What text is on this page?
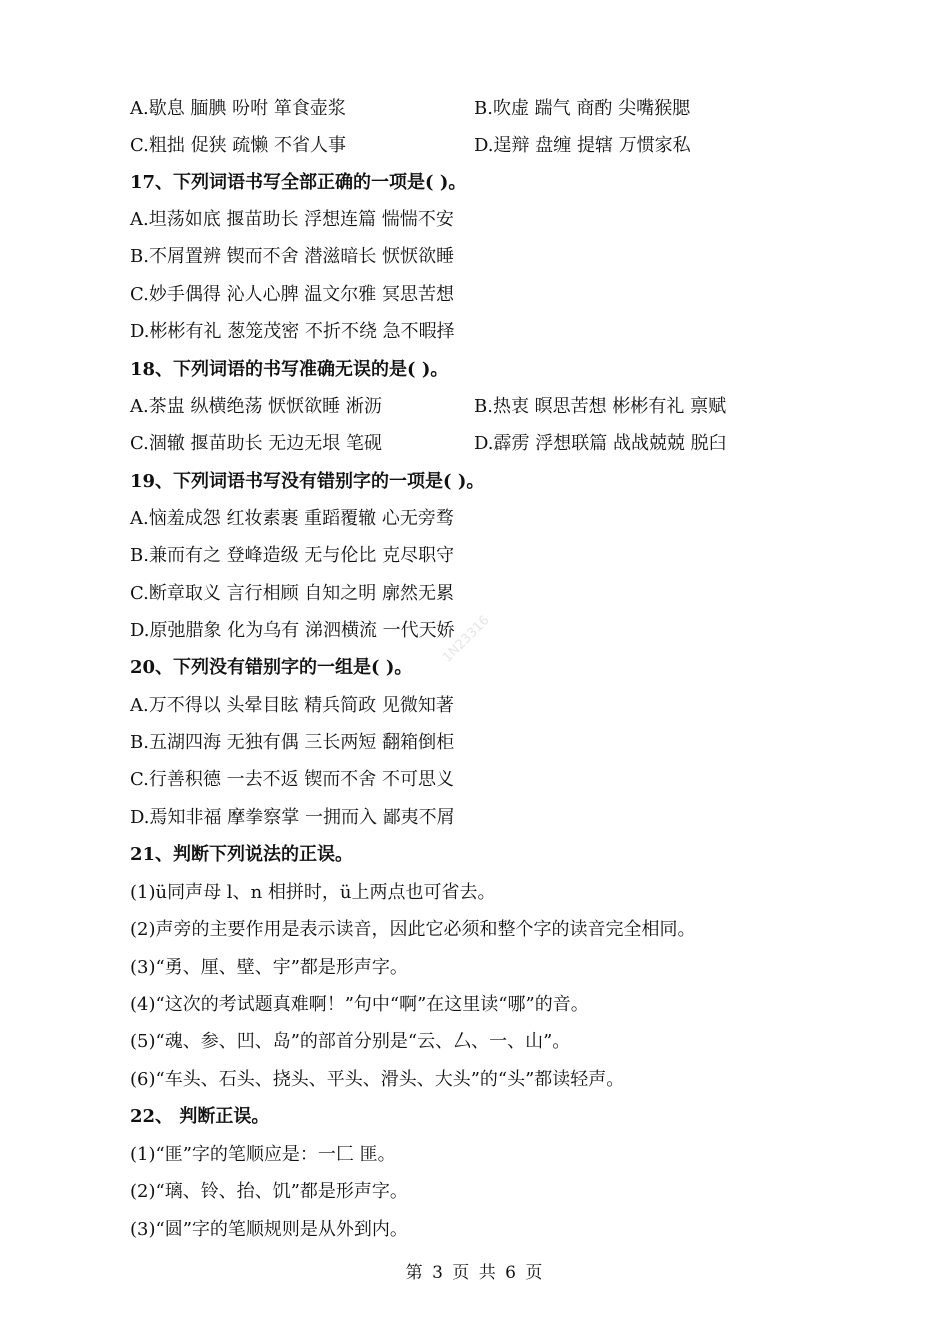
A.歇息 腼腆 吩咐 箪食壶浆	B.吹虚 踹气 商酌 尖嘴猴腮
C.粗拙 促狭 疏懒 不省人事	D.逞辩 盘缠 提辖 万惯家私
17、下列词语书写全部正确的一项是( )。
A.坦荡如底 揠苗助长 浮想连篇 惴惴不安
B.不屑置辨 锲而不舍 潜滋暗长 恹恹欲睡
C.妙手偶得 沁人心脾 温文尔雅 冥思苦想
D.彬彬有礼 葱笼茂密 不折不绕 急不暇择
18、下列词语的书写准确无误的是( )。
A.茶盅 纵横绝荡 恹恹欲睡 淅沥	B.热衷 暝思苦想 彬彬有礼 禀赋
C.涸辙 揠苗助长 无边无垠 笔砚	D.霹雳 浮想联篇 战战兢兢 脱臼
19、下列词语书写没有错别字的一项是( )。
A.恼羞成怨 红妆素裹 重蹈覆辙 心无旁骛
B.兼而有之 登峰造级 无与伦比 克尽职守
C.断章取义 言行相顾 自知之明 廓然无累
D.原弛腊象 化为乌有 涕泗横流 一代天娇
20、下列没有错别字的一组是( )。
A.万不得以 头晕目眩 精兵简政 见微知著
B.五湖四海 无独有偶 三长两短 翻箱倒柜
C.行善积德 一去不返 锲而不舍 不可思义
D.焉知非福 摩拳察掌 一拥而入 鄙夷不屑
21、判断下列说法的正误。
(1)ü同声母 l、n 相拼时，ü上两点也可省去。
(2)声旁的主要作用是表示读音，因此它必须和整个字的读音完全相同。
(3)“勇、厘、壁、宇”都是形声字。
(4)“这次的考试题真难啊！”句中“啊”在这里读“哪”的音。
(5)“魂、参、凹、岛”的部首分别是“云、厶、一、山”。
(6)“车头、石头、挠头、平头、滑头、大头”的“头”都读轻声。
22、 判断正误。
(1)“匪”字的笔顺应是：一匚 匪。
(2)“璃、铃、抬、饥”都是形声字。
(3)“圆”字的笔顺规则是从外到内。
第 3 页 共 6 页
1N23316
